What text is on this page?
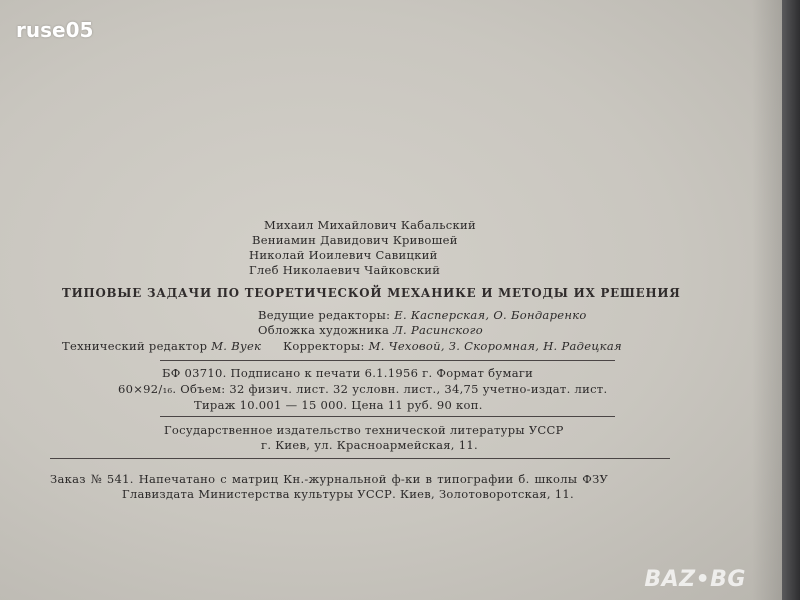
ruse05
Михаил Михайлович Кабальский
Вениамин Давидович Кривошей
Николай Иоилевич Савицкий
Глеб Николаевич Чайковский
ТИПОВЫЕ ЗАДАЧИ ПО ТЕОРЕТИЧЕСКОЙ МЕХАНИКЕ И МЕТОДЫ ИХ РЕШЕНИЯ
Ведущие редакторы: Е. Касперская, О. Бондаренко
Обложка художника Л. Расинского
Технический редактор М. Вуек Корректоры: М. Чеховой, З. Скоромная, Н. Радецкая
БФ 03710. Подписано к печати 6.1.1956 г. Формат бумаги
60×92/₁₆. Объем: 32 физич. лист. 32 условн. лист., 34,75 учетно-издат. лист.
Тираж 10.001 — 15 000. Цена 11 руб. 90 коп.
Государственное издательство технической литературы УССР
г. Киев, ул. Красноармейская, 11.
Заказ № 541. Напечатано с матриц Кн.-журнальной ф-ки в типографии б. школы ФЗУ
Главиздата Министерства культуры УССР. Киев, Золотоворотская, 11.
BAZ•BG
